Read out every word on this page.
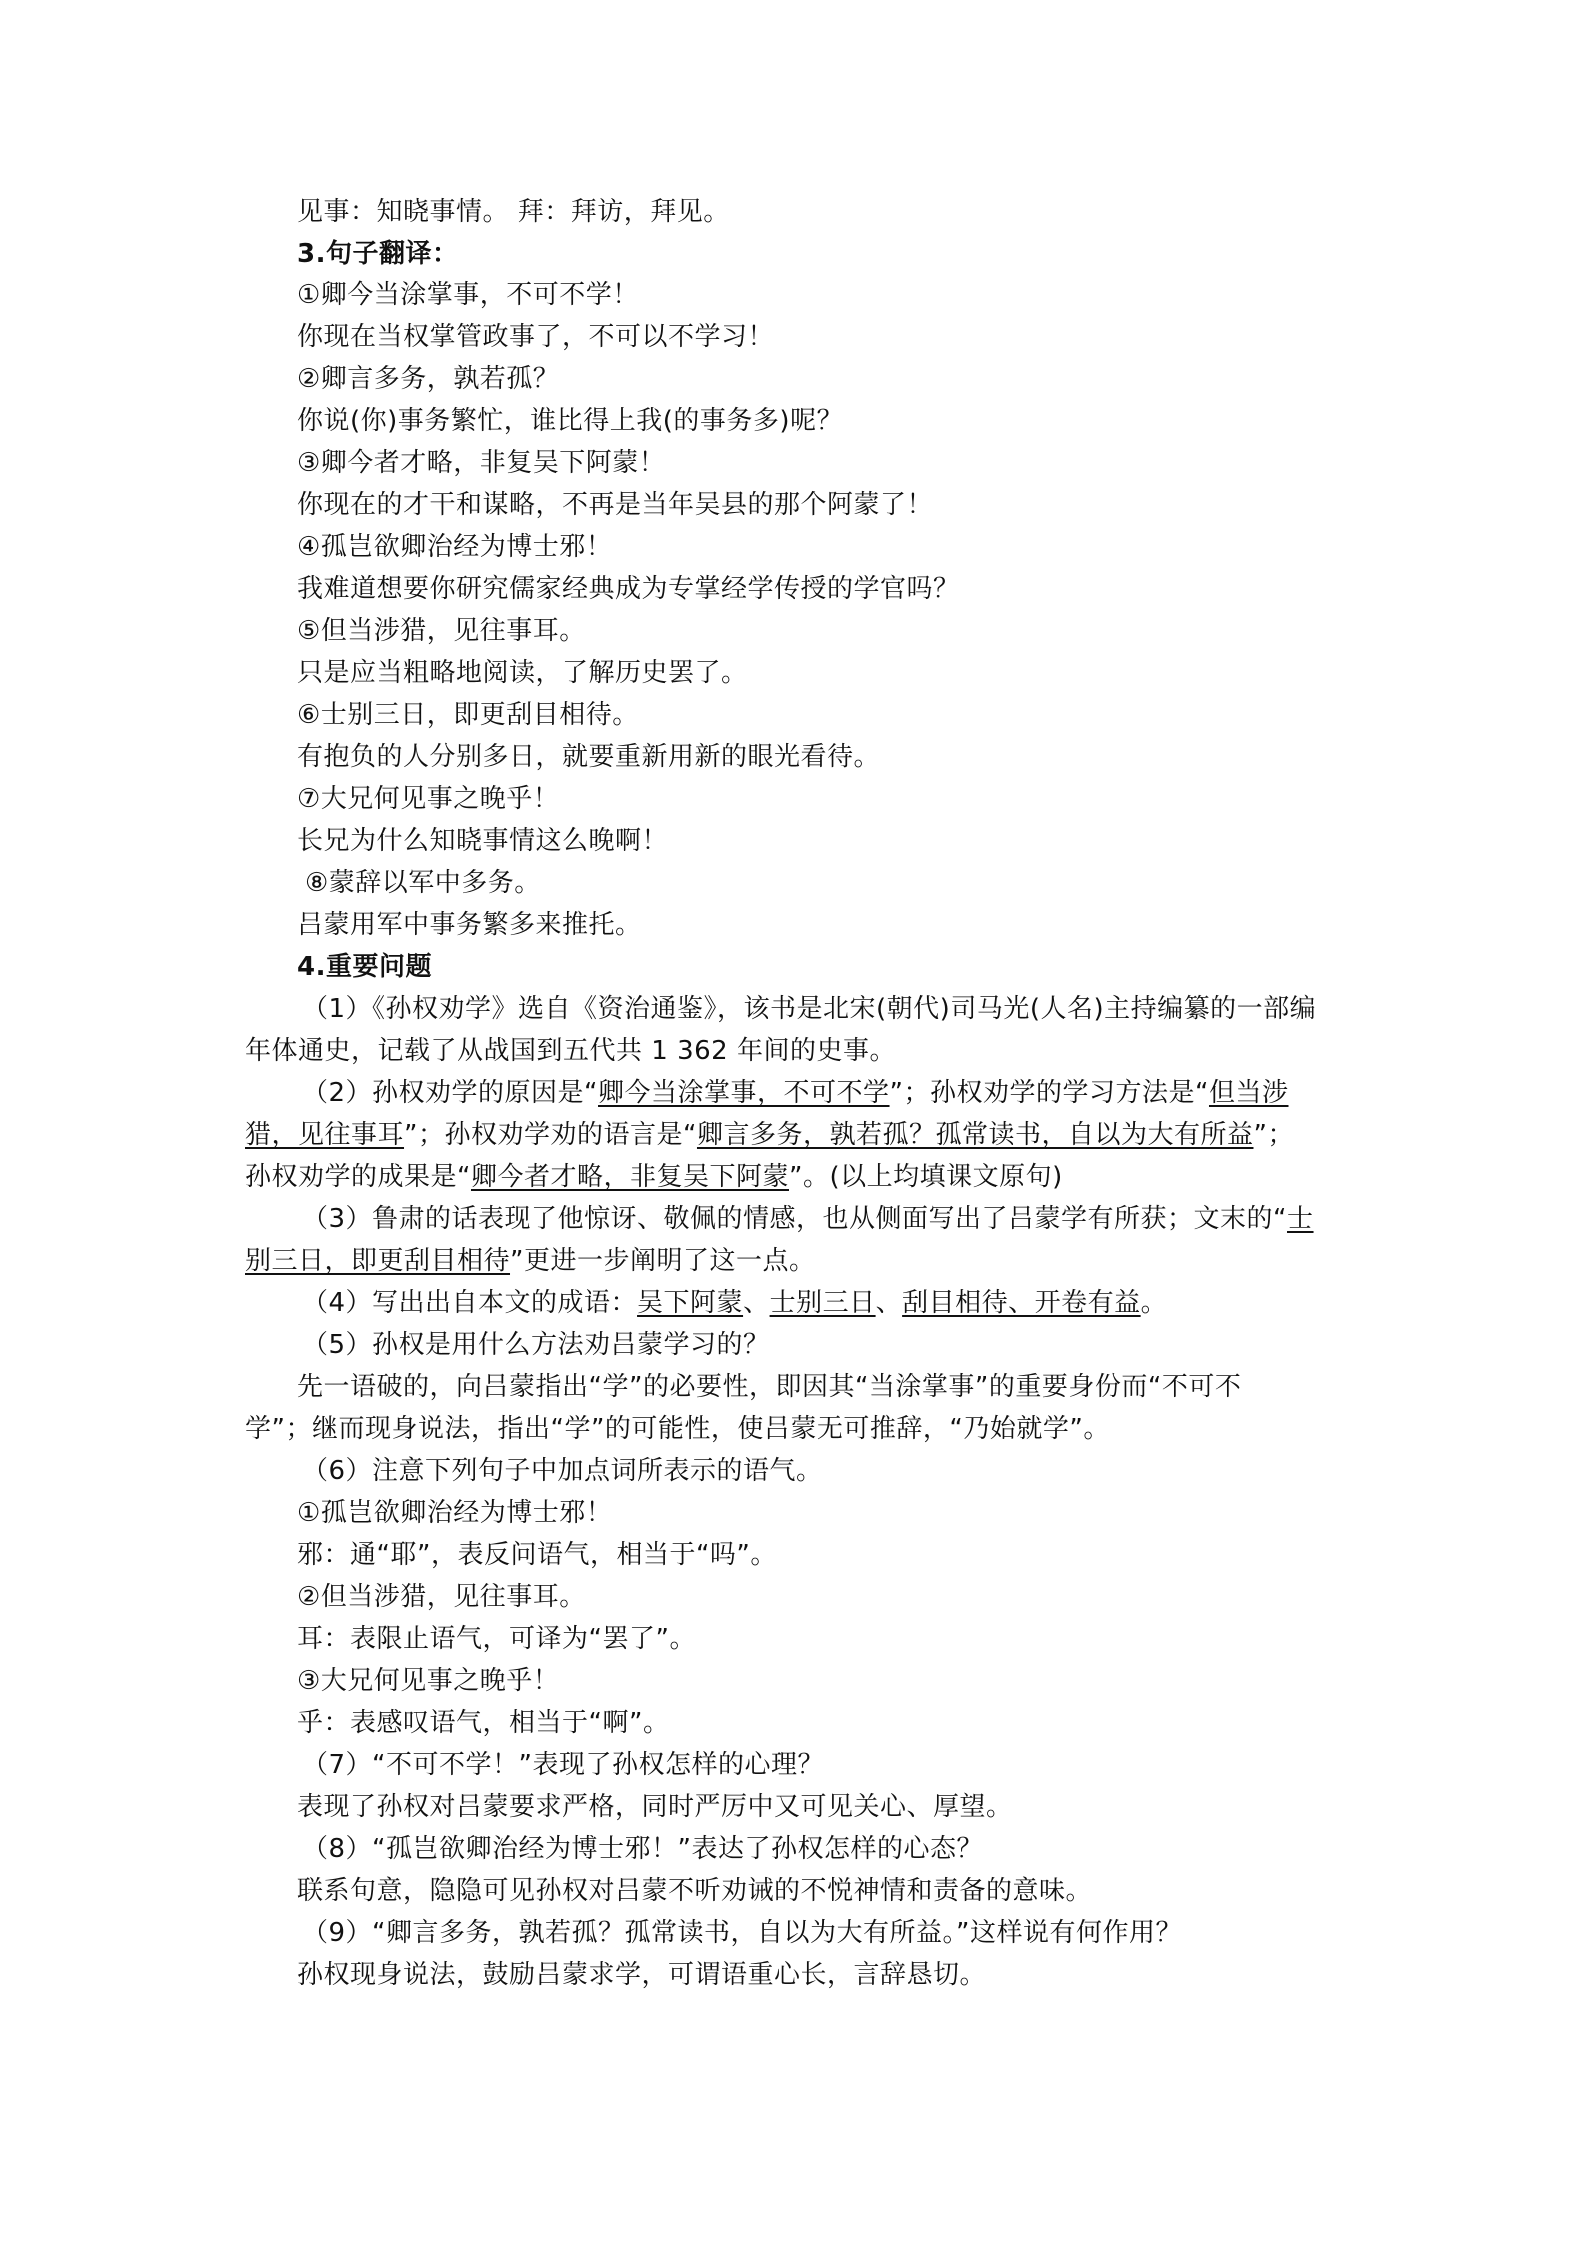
见事：知晓事情。 拜：拜访，拜见。
3.句子翻译：
①卿今当涂掌事，不可不学！
你现在当权掌管政事了，不可以不学习！
②卿言多务，孰若孤？
你说(你)事务繁忙，谁比得上我(的事务多)呢？
③卿今者才略，非复吴下阿蒙！
你现在的才干和谋略，不再是当年吴县的那个阿蒙了！
④孤岂欲卿治经为博士邪！
我难道想要你研究儒家经典成为专掌经学传授的学官吗？
⑤但当涉猎，见往事耳。
只是应当粗略地阅读，了解历史罢了。
⑥士别三日，即更刮目相待。
有抱负的人分别多日，就要重新用新的眼光看待。
⑦大兄何见事之晚乎！
长兄为什么知晓事情这么晚啊！
⑧蒙辞以军中多务。
吕蒙用军中事务繁多来推托。
4.重要问题
（1）《孙权劝学》选自《资治通鉴》，该书是北宋(朝代)司马光(人名)主持编纂的一部编
年体通史，记载了从战国到五代共 1 362 年间的史事。
（2）孙权劝学的原因是“卿今当涂掌事，不可不学”；孙权劝学的学习方法是“但当涉
猎，见往事耳”；孙权劝学劝的语言是“卿言多务，孰若孤？孤常读书，自以为大有所益”；
孙权劝学的成果是“卿今者才略，非复吴下阿蒙”。(以上均填课文原句)
（3）鲁肃的话表现了他惊讶、敬佩的情感，也从侧面写出了吕蒙学有所获；文末的“士
别三日，即更刮目相待”更进一步阐明了这一点。
（4）写出出自本文的成语：吴下阿蒙、士别三日、刮目相待、开卷有益。
（5）孙权是用什么方法劝吕蒙学习的？
先一语破的，向吕蒙指出“学”的必要性，即因其“当涂掌事”的重要身份而“不可不
学”；继而现身说法，指出“学”的可能性，使吕蒙无可推辞，“乃始就学”。
（6）注意下列句子中加点词所表示的语气。
①孤岂欲卿治经为博士邪！
邪：通“耶”，表反问语气，相当于“吗”。
②但当涉猎，见往事耳。
耳：表限止语气，可译为“罢了”。
③大兄何见事之晚乎！
乎：表感叹语气，相当于“啊”。
（7）“不可不学！”表现了孙权怎样的心理？
表现了孙权对吕蒙要求严格，同时严厉中又可见关心、厚望。
（8）“孤岂欲卿治经为博士邪！”表达了孙权怎样的心态？
联系句意，隐隐可见孙权对吕蒙不听劝诫的不悦神情和责备的意味。
（9）“卿言多务，孰若孤？孤常读书，自以为大有所益。”这样说有何作用？
孙权现身说法，鼓励吕蒙求学，可谓语重心长，言辞恳切。
